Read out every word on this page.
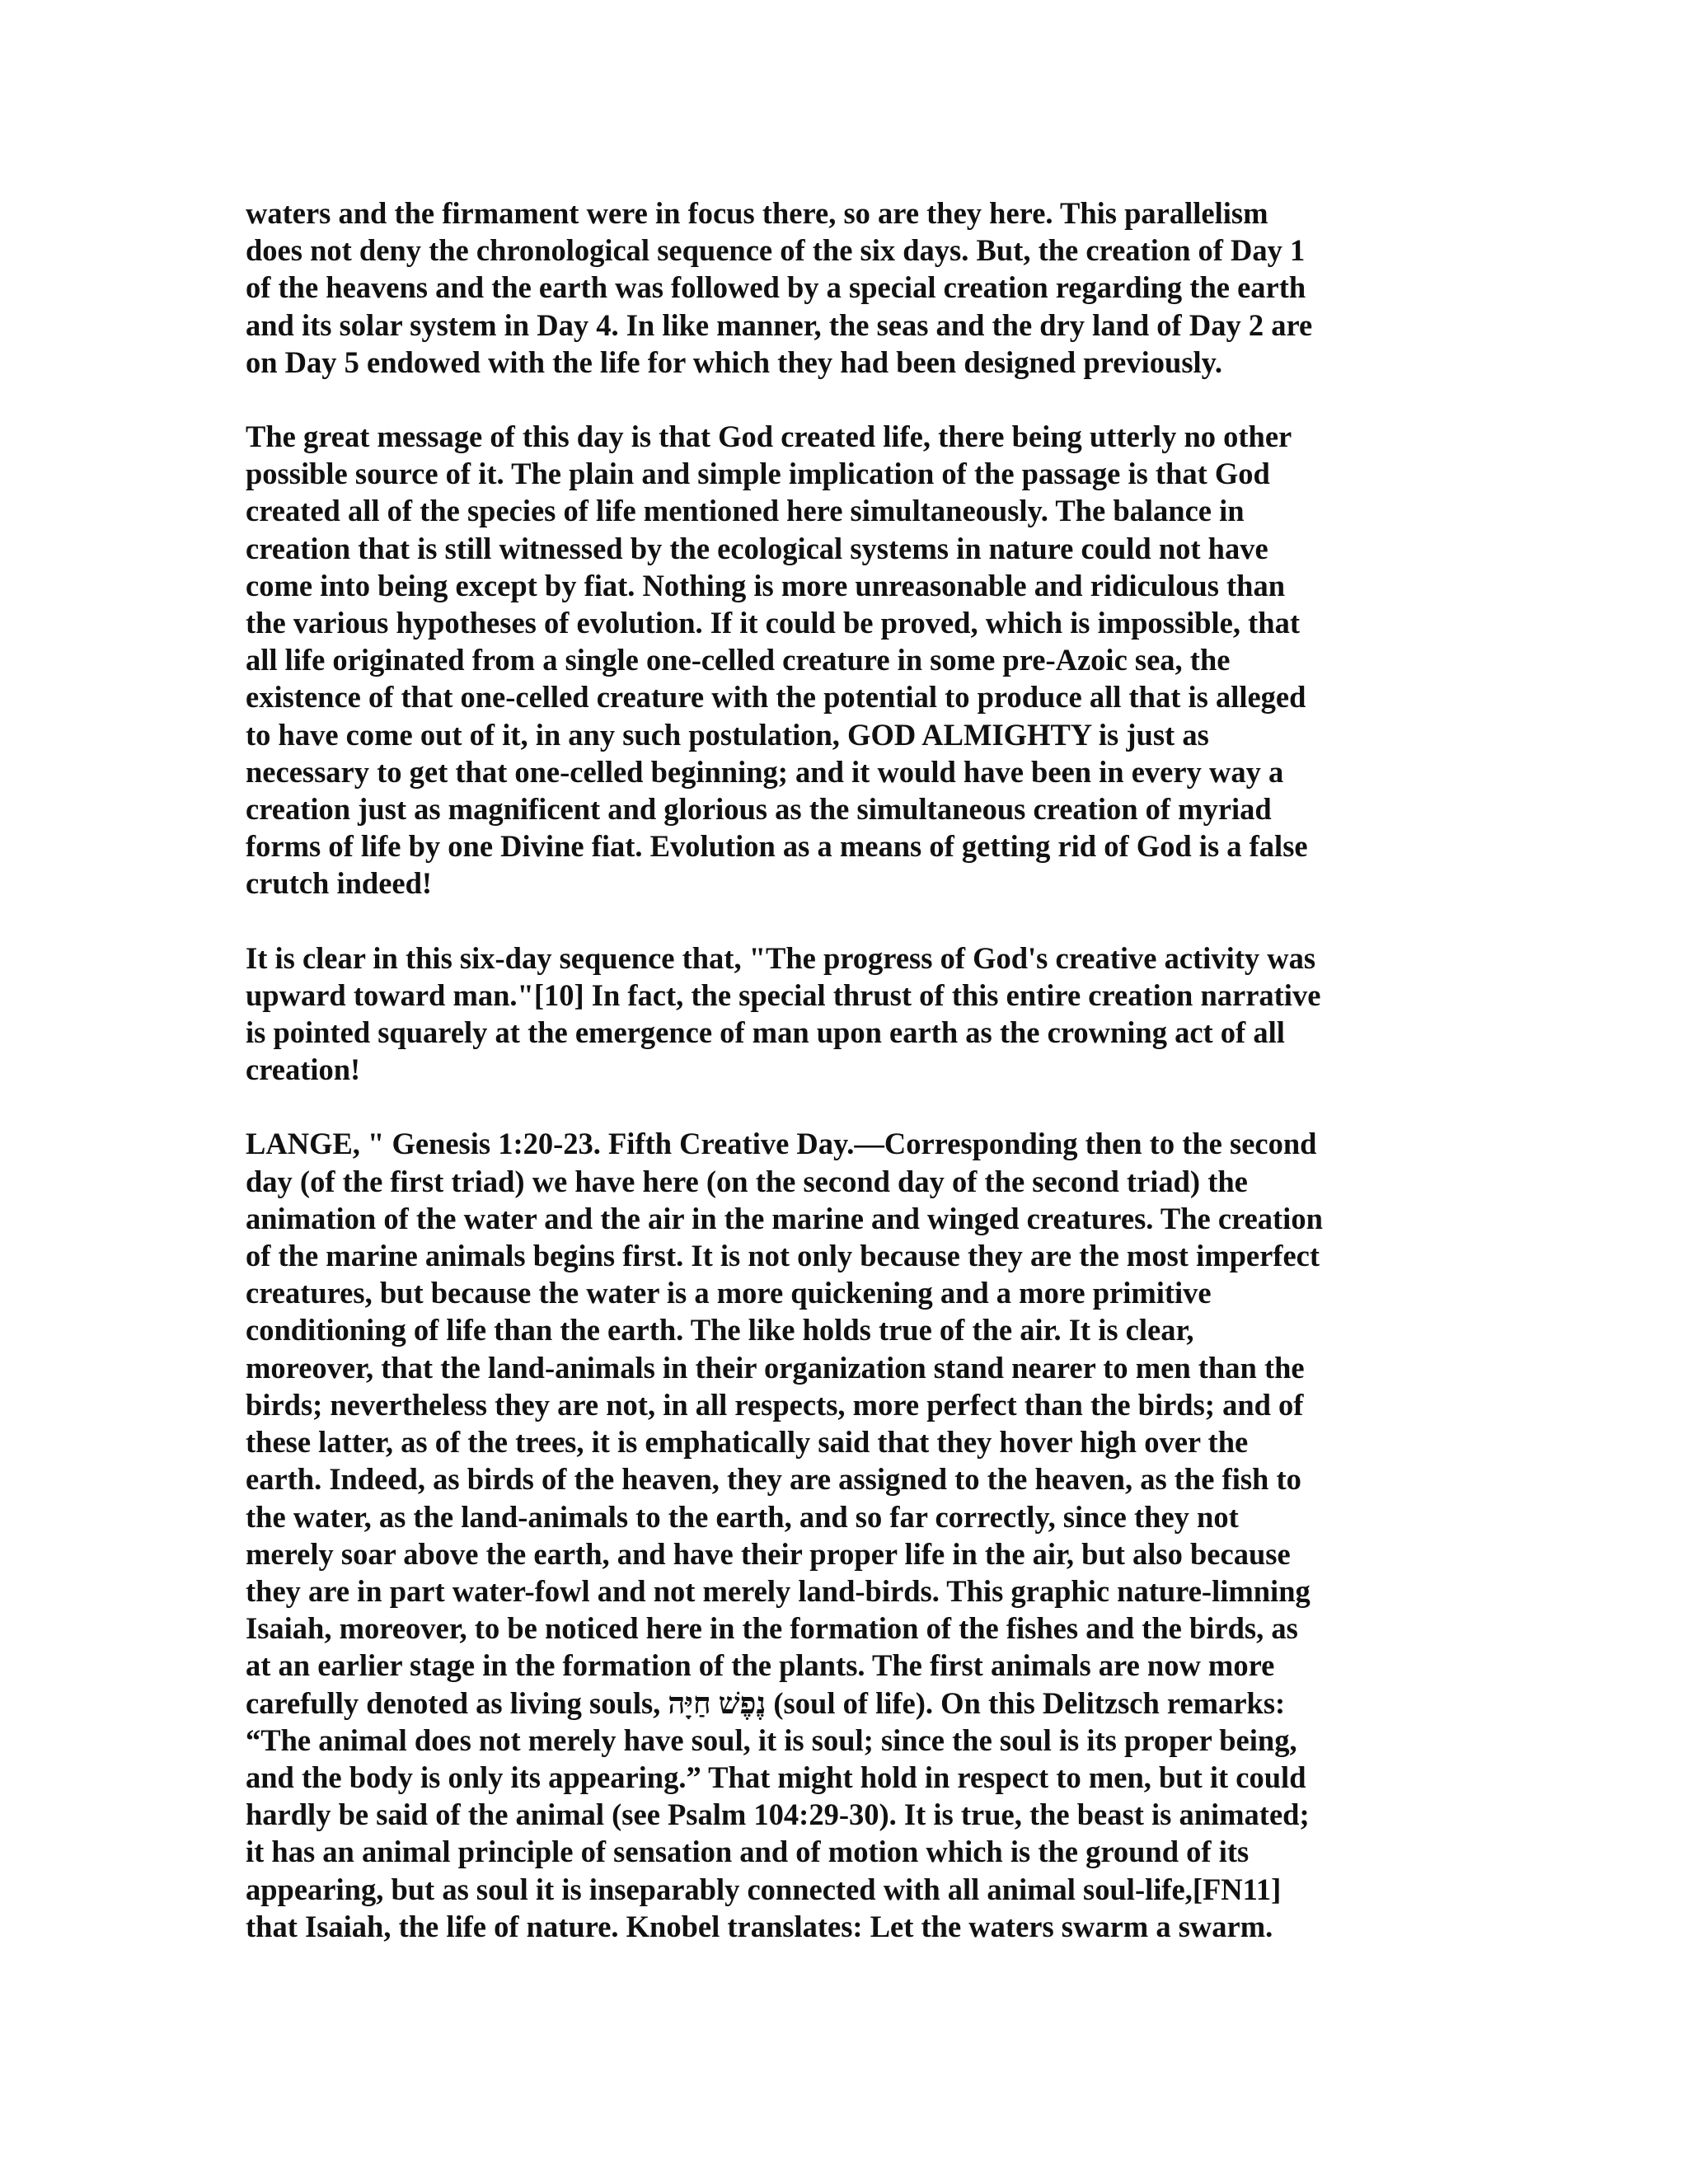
waters and the firmament were in focus there, so are they here. This parallelism
does not deny the chronological sequence of the six days. But, the creation of Day 1
of the heavens and the earth was followed by a special creation regarding the earth
and its solar system in Day 4. In like manner, the seas and the dry land of Day 2 are
on Day 5 endowed with the life for which they had been designed previously.

The great message of this day is that God created life, there being utterly no other
possible source of it. The plain and simple implication of the passage is that God
created all of the species of life mentioned here simultaneously. The balance in
creation that is still witnessed by the ecological systems in nature could not have
come into being except by fiat. Nothing is more unreasonable and ridiculous than
the various hypotheses of evolution. If it could be proved, which is impossible, that
all life originated from a single one-celled creature in some pre-Azoic sea, the
existence of that one-celled creature with the potential to produce all that is alleged
to have come out of it, in any such postulation, GOD ALMIGHTY is just as
necessary to get that one-celled beginning; and it would have been in every way a
creation just as magnificent and glorious as the simultaneous creation of myriad
forms of life by one Divine fiat. Evolution as a means of getting rid of God is a false
crutch indeed!

It is clear in this six-day sequence that, "The progress of God's creative activity was
upward toward man."[10] In fact, the special thrust of this entire creation narrative
is pointed squarely at the emergence of man upon earth as the crowning act of all
creation!

LANGE, " Genesis 1:20-23. Fifth Creative Day.—Corresponding then to the second
day (of the first triad) we have here (on the second day of the second triad) the
animation of the water and the air in the marine and winged creatures. The creation
of the marine animals begins first. It is not only because they are the most imperfect
creatures, but because the water is a more quickening and a more primitive
conditioning of life than the earth. The like holds true of the air. It is clear,
moreover, that the land-animals in their organization stand nearer to men than the
birds; nevertheless they are not, in all respects, more perfect than the birds; and of
these latter, as of the trees, it is emphatically said that they hover high over the
earth. Indeed, as birds of the heaven, they are assigned to the heaven, as the fish to
the water, as the land-animals to the earth, and so far correctly, since they not
merely soar above the earth, and have their proper life in the air, but also because
they are in part water-fowl and not merely land-birds. This graphic nature-limning
Isaiah, moreover, to be noticed here in the formation of the fishes and the birds, as
at an earlier stage in the formation of the plants. The first animals are now more
carefully denoted as living souls, נֶפֶשׁ חַיָּה (soul of life). On this Delitzsch remarks:
“The animal does not merely have soul, it is soul; since the soul is its proper being,
and the body is only its appearing.” That might hold in respect to men, but it could
hardly be said of the animal (see Psalm 104:29-30). It is true, the beast is animated;
it has an animal principle of sensation and of motion which is the ground of its
appearing, but as soul it is inseparably connected with all animal soul-life,[FN11]
that Isaiah, the life of nature. Knobel translates: Let the waters swarm a swarm.
